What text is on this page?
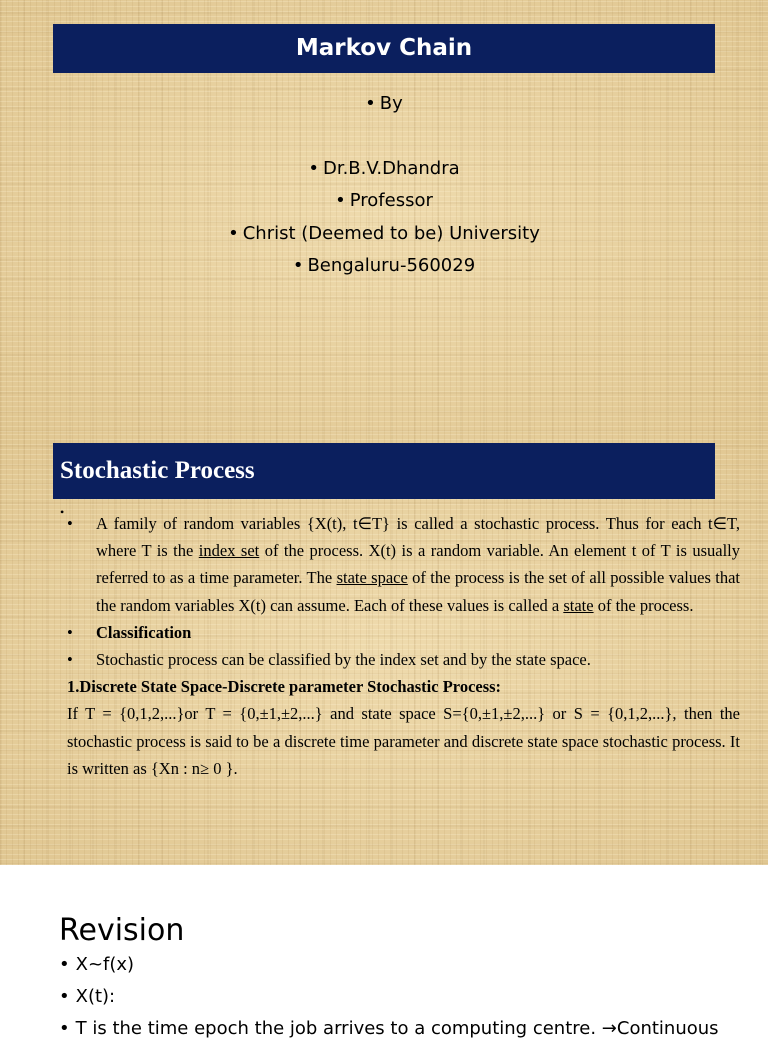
Markov Chain
• By
• Dr.B.V.Dhandra
• Professor
• Christ (Deemed to be) University
• Bengaluru-560029
Stochastic Process
•

• A family of random variables {X(t), t∈T} is called a stochastic process. Thus for each t∈T, where T is the index set of the process. X(t) is a random variable. An element t of T is usually referred to as a time parameter. The state space of the process is the set of all possible values that the random variables X(t) can assume. Each of these values is called a state of the process.

• Classification

• Stochastic process can be classified by the index set and by the state space.

1.Discrete State Space-Discrete parameter Stochastic Process:

If T = {0,1,2,...}or T = {0,±1,±2,...} and state space S={0,±1,±2,...} or S = {0,1,2,...}, then the stochastic process is said to be a discrete time parameter and discrete state space stochastic process. It is written as {Xn : n≥ 0 }.

Revision
• X~f(x)
• X(t):
• T is the time epoch the job arrives to a computing centre. →Continuous
